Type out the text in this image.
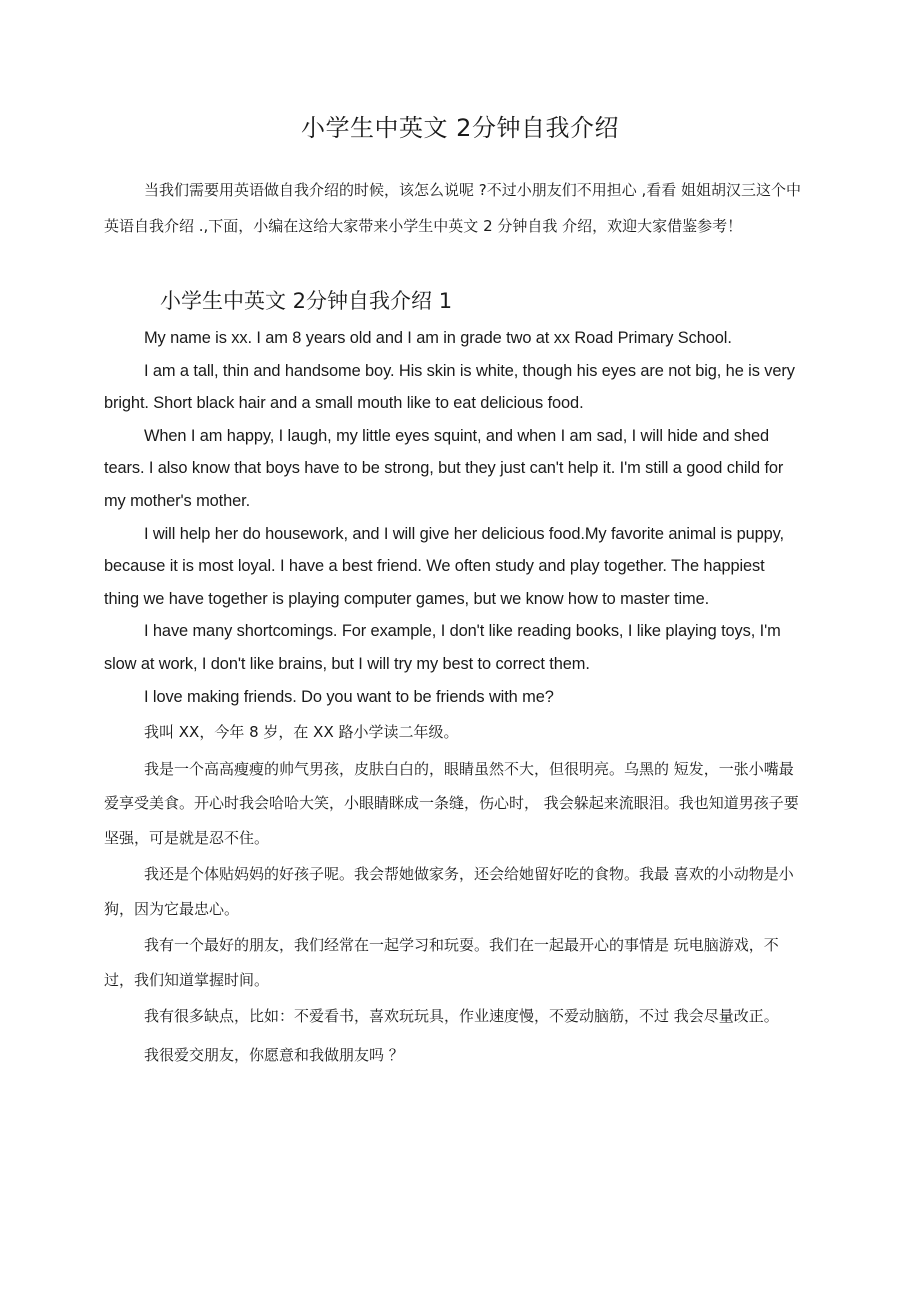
小学生中英文 2分钟自我介绍

当我们需要用英语做自我介绍的时候，该怎么说呢 ?不过小朋友们不用担心 ,看看 姐姐胡汉三这个中英语自我介绍 .,下面，小编在这给大家带来小学生中英文 2 分钟自我 介绍，欢迎大家借鉴参考！

小学生中英文 2分钟自我介绍 1

My name is xx. I am 8 years old and I am in grade two at xx Road Primary School.

I am a tall, thin and handsome boy. His skin is white, though his eyes are not big, he is very bright. Short black hair and a small mouth like to eat delicious food.

When I am happy, I laugh, my little eyes squint, and when I am sad, I will hide and shed tears. I also know that boys have to be strong, but they just can't help it. I'm still a good child for my mother's mother.

I will help her do housework, and I will give her delicious food.My favorite animal is puppy, because it is most loyal. I have a best friend. We often study and play together. The happiest thing we have together is playing computer games, but we know how to master time.

I have many shortcomings. For example, I don't like reading books, I like playing toys, I'm slow at work, I don't like brains, but I will try my best to correct them.

I love making friends. Do you want to be friends with me?

我叫 XX，今年 8 岁，在 XX 路小学读二年级。

我是一个高高瘦瘦的帅气男孩，皮肤白白的，眼睛虽然不大，但很明亮。乌黑的 短发，一张小嘴最爱享受美食。开心时我会哈哈大笑，小眼睛眯成一条缝，伤心时， 我会躲起来流眼泪。我也知道男孩子要坚强，可是就是忍不住。

我还是个体贴妈妈的好孩子呢。我会帮她做家务，还会给她留好吃的食物。我最 喜欢的小动物是小狗，因为它最忠心。

我有一个最好的朋友，我们经常在一起学习和玩耍。我们在一起最开心的事情是 玩电脑游戏，不过，我们知道掌握时间。

我有很多缺点，比如：不爱看书，喜欢玩玩具，作业速度慢，不爱动脑筋，不过 我会尽量改正。

我很爱交朋友，你愿意和我做朋友吗 ？
